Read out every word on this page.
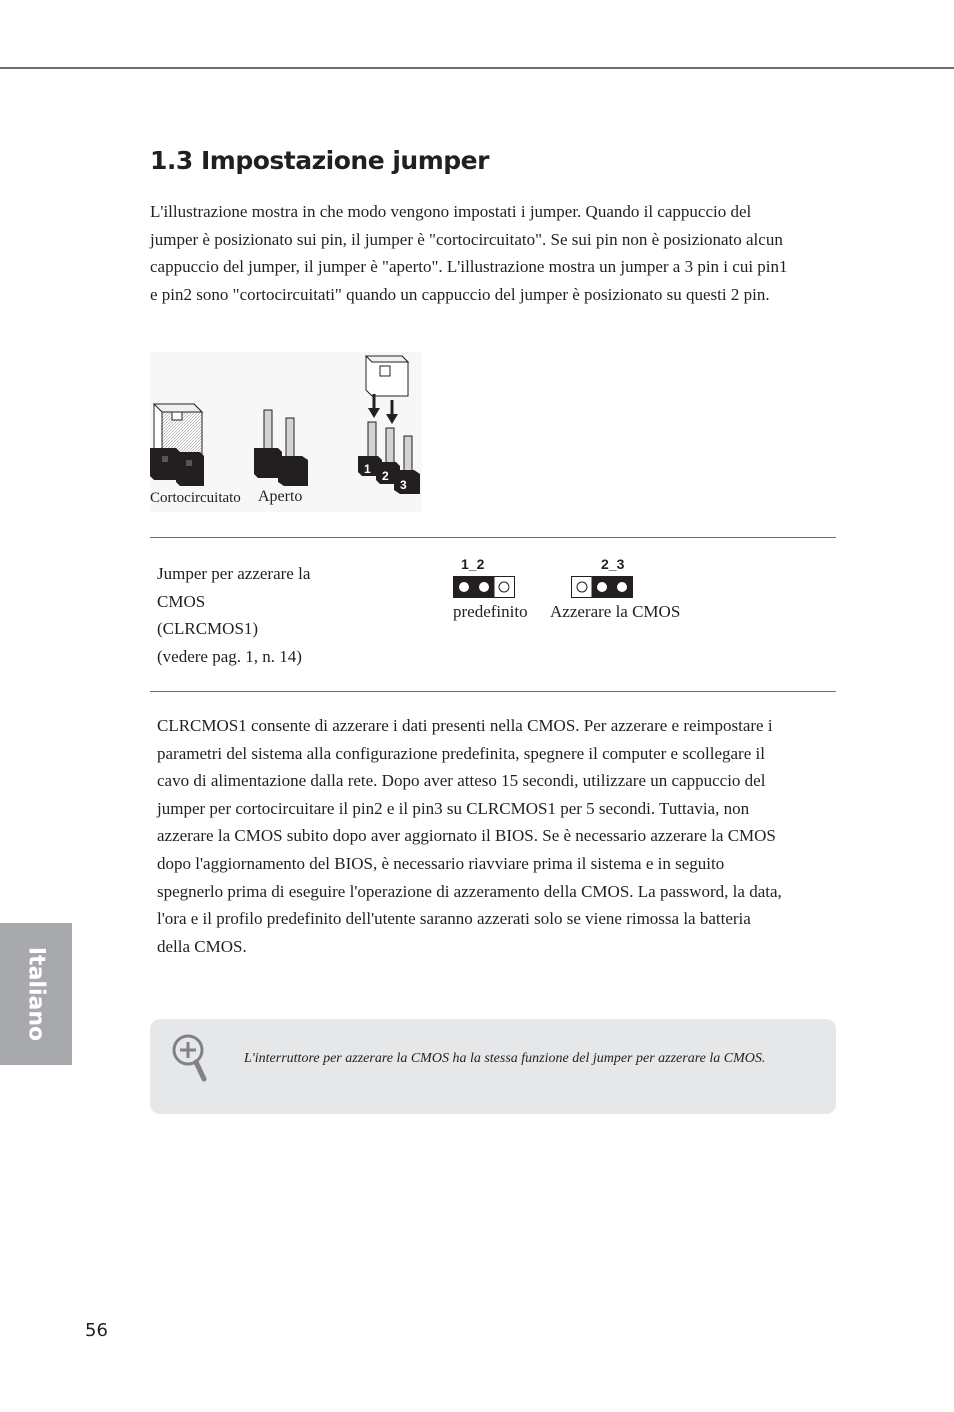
1.3 Impostazione jumper

L'illustrazione mostra in che modo vengono impostati i jumper. Quando il cappuccio del jumper è posizionato sui pin, il jumper è "cortocircuitato". Se sui pin non è posizionato alcun cappuccio del jumper, il jumper è "aperto". L'illustrazione mostra un jumper a 3 pin i cui pin1 e pin2 sono "cortocircuitati" quando un cappuccio del jumper è posizionato su questi 2 pin.

1 2
3
Cortocircuitato Aperto
Jumper per azzerare la
CMOS
(CLRCMOS1)
(vedere pag. 1, n. 14)
1_2
predefinito
2_3
Azzerare la CMOS

CLRCMOS1 consente di azzerare i dati presenti nella CMOS. Per azzerare e reimpostare i parametri del sistema alla configurazione predefinita, spegnere il computer e scollegare il cavo di alimentazione dalla rete. Dopo aver atteso 15 secondi, utilizzare un cappuccio del jumper per cortocircuitare il pin2 e il pin3 su CLRCMOS1 per 5 secondi. Tuttavia, non azzerare la CMOS subito dopo aver aggiornato il BIOS. Se è necessario azzerare la CMOS dopo l'aggiornamento del BIOS, è necessario riavviare prima il sistema e in seguito spegnerlo prima di eseguire l'operazione di azzeramento della CMOS. La password, la data, l'ora e il profilo predefinito dell'utente saranno azzerati solo se viene rimossa la batteria della CMOS.

L'interruttore per azzerare la CMOS ha la stessa funzione del jumper per azzerare la CMOS.

Italiano
56
